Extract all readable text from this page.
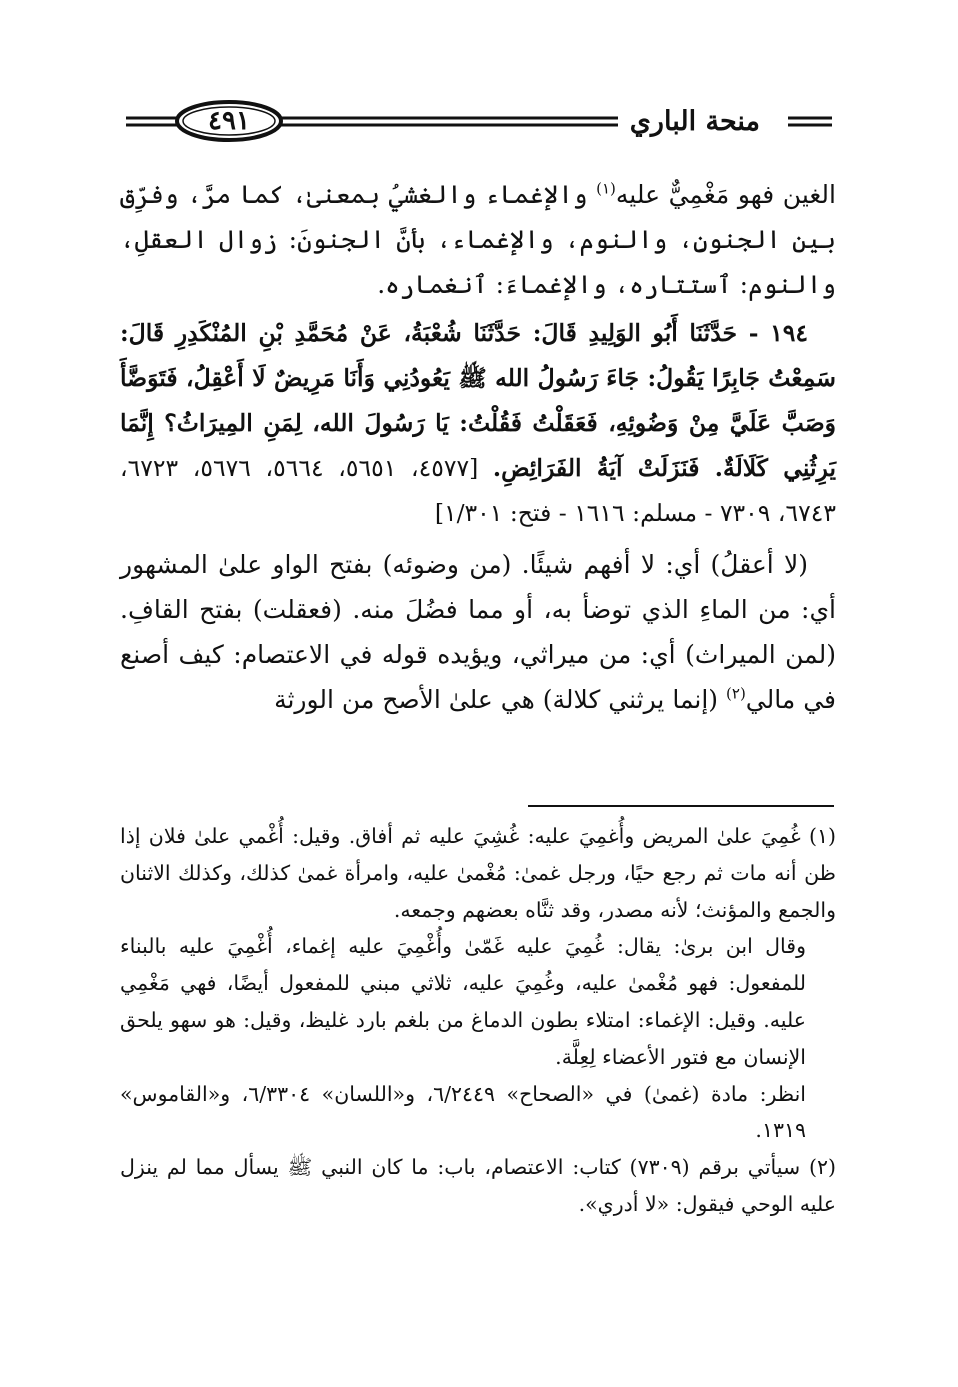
منحة الباري
٤٩١

الغين فهو مَغْمِيٌّ عليه$^{(١)}$ والإغماء والغشيُ بمعنىٰ، كما مرَّ، وفرِّق بين الجنونِ، والنوم، والإغماء، بأنَّ الجنونَ: زوال العقلِ، والنوم: ٱستتاره، والإغماءَ: ٱنغماره.

١٩٤ - حَدَّثَنَا أَبُو الوَلِيدِ قَالَ: حَدَّثَنَا شُعْبَةُ، عَنْ مُحَمَّدِ بْنِ المُنْكَدِرِ قَالَ: سَمِعْتُ جَابِرًا يَقُولُ: جَاءَ رَسُولُ الله ﷺ يَعُودُنِي وَأَنَا مَرِيضٌ لَا أَعْقِلُ، فَتَوَضَّأَ وَصَبَّ عَلَيَّ مِنْ وَضُوئِهِ، فَعَقَلْتُ فَقُلْتُ: يَا رَسُولَ الله، لِمَنِ المِيرَاثُ؟ إِنَّمَا يَرِثُنِي كَلَالَةٌ. فَنَزَلَتْ آيَةُ الفَرَائِضِ. [٤٥٧٧، ٥٦٥١، ٥٦٦٤، ٥٦٧٦، ٦٧٢٣، ٦٧٤٣، ٧٣٠٩ - مسلم: ١٦١٦ - فتح: ١/٣٠١]

(لا أعقلُ) أي: لا أفهم شيئًا. (من وضوئه) بفتح الواو علىٰ المشهور أي: من الماءِ الذي توضأ به، أو مما فضُلَ منه. (فعقلت) بفتح القافِ. (لمن الميراث) أي: من ميراثي، ويؤيده قوله في الاعتصام: كيف أصنع في مالي$^{(٢)}$ (إنما يرثني كلالة) هي علىٰ الأصح من الورثة

(١) غُمِيَ علىٰ المريض وأُغمِيَ عليه: غُشِيَ عليه ثم أفاق. وقيل: أُغْمي علىٰ فلان إذا ظن أنه مات ثم رجع حيًا، ورجل غمىٰ: مُغْمىٰ عليه، وامرأة غمىٰ كذلك، وكذلك الاثنان والجمع والمؤنث؛ لأنه مصدر، وقد ثنَّاه بعضهم وجمعه.

وقال ابن برىٰ: يقال: غُمِيَ عليه غَمّىٰ وأُغْمِيَ عليه إغماء، أُغْمِيَ عليه بالبناء للمفعول: فهو مُغْمىٰ عليه، وغُمِيَ عليه، ثلاثي مبني للمفعول أيضًا، فهي مَغْمِي عليه. وقيل: الإغماء: امتلاء بطون الدماغ من بلغم بارد غليظ، وقيل: هو سهو يلحق الإنسان مع فتور الأعضاء لِعِلَّة.

انظر: مادة (غمىٰ) في «الصحاح» ٦/٢٤٤٩، و«اللسان» ٦/٣٣٠٤، و«القاموس» ١٣١٩.

(٢) سيأتي برقم (٧٣٠٩) كتاب: الاعتصام، باب: ما كان النبي ﷺ يسأل مما لم ينزل عليه الوحي فيقول: «لا أدري».
